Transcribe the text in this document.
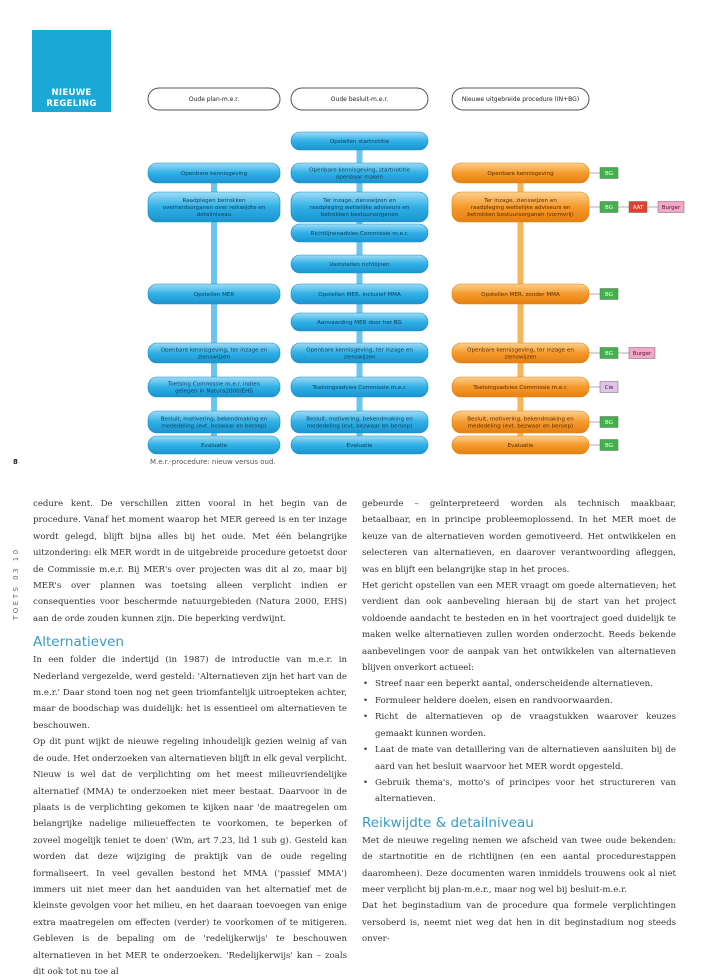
NIEUWE
REGELING	Oude plan-m.e.r.	Oude besluit-m.e.r.	Nieuwe uitgebreide procedure (IN+BG)
Openbare kennisgeving
Raadplegen betrokken
overheidsorganen over reikwijdte en
detailniveau
Opstellen MER
Openbare kennisgeving, ter inzage en
zienswijzen
Toetsing Commissie m.e.r. indien
gelegen in Natura2000/EHS
Besluit, motivering, bekendmaking en
mededeling (evt. bezwaar en beroep)
Evaluatie
Opstellen startnotitie
Openbare kennisgeving, startnotitie
openbaar maken
Ter inzage, zienswijzen en
raadpleging wettelijke adviseurs en
betrokken bestuursorganen
Richtlijnenadvies Commissie m.e.r.
Vaststellen richtlijnen
Opstellen MER, inclusief MMA
Aanvaarding MER door het BG
Openbare kennisgeving, ter inzage en
zienswijzen
Toetsingsadvies Commissie m.e.r.
Besluit, motivering, bekendmaking en
mededeling (evt. bezwaar en beroep)
Evaluatie
Openbare kennisgeving
Ter inzage, zienswijzen en
raadpleging wettelijke adviseurs en
betrokken bestuursorganen (vormvrij)
Opstellen MER, zonder MMA
Openbare kennisgeving, ter inzage en
zienswijzen
Toetsingsadvies Commissie m.e.r.
Besluit, motivering, bekendmaking en
mededeling (evt. bezwaar en beroep)
Evaluatie
BG
BG	AAT	Burger
BG
BG	Burger
Cie
BG
BG
8	M.e.r.-procedure: nieuw versus oud.
TOETS 03 10

cedure kent. De verschillen zitten vooral in het begin van de procedure. Vanaf het moment waarop het MER gereed is en ter inzage wordt gelegd, blijft bijna alles bij het oude. Met één belangrijke uitzondering: elk MER wordt in de uitgebreide procedure getoetst door de Commissie m.e.r. Bij MER's over projecten was dit al zo, maar bij MER's over plannen was toetsing alleen verplicht indien er consequenties voor beschermde natuurgebieden (Natura 2000, EHS) aan de orde zouden kunnen zijn. Die beperking verdwijnt.

Alternatieven

In een folder die indertijd (in 1987) de introductie van m.e.r. in Nederland vergezelde, werd gesteld: 'Alternatieven zijn het hart van de m.e.r.' Daar stond toen nog net geen triomfantelijk uitroepteken achter, maar de boodschap was duidelijk: het is essentieel om alternatieven te beschouwen.

Op dit punt wijkt de nieuwe regeling inhoudelijk gezien weinig af van de oude. Het onderzoeken van alternatieven blijft in elk geval verplicht. Nieuw is wel dat de verplichting om het meest milieuvriendelijke alternatief (MMA) te onderzoeken niet meer bestaat. Daarvoor in de plaats is de verplichting gekomen te kijken naar 'de maatregelen om belangrijke nadelige milieueffecten te voorkomen, te beperken of zoveel mogelijk teniet te doen' (Wm, art 7.23, lid 1 sub g). Gesteld kan worden dat deze wijziging de praktijk van de oude regeling formaliseert. In veel gevallen bestond het MMA ('passief MMA') immers uit niet meer dan het aanduiden van het alternatief met de kleinste gevolgen voor het milieu, en het daaraan toevoegen van enige extra maatregelen om effecten (verder) te voorkomen of te mitigeren. Gebleven is de bepaling om de 'redelijkerwijs' te beschouwen alternatieven in het MER te onderzoeken. 'Redelijkerwijs' kan – zoals dit ook tot nu toe al

gebeurde – geïnterpreteerd worden als technisch maakbaar, betaalbaar, en in principe probleemoplossend. In het MER moet de keuze van de alternatieven worden gemotiveerd. Het ontwikkelen en selecteren van alternatieven, en daarover verantwoording afleggen, was en blijft een belangrijke stap in het proces.

Het gericht opstellen van een MER vraagt om goede alternatieven; het verdient dan ook aanbeveling hieraan bij de start van het project voldoende aandacht te besteden en in het voortraject goed duidelijk te maken welke alternatieven zullen worden onderzocht. Reeds bekende aanbevelingen voor de aanpak van het ontwikkelen van alternatieven blijven onverkort actueel:

• Streef naar een beperkt aantal, onderscheidende alternatieven.
• Formuleer heldere doelen, eisen en randvoorwaarden.
• Richt de alternatieven op de vraagstukken waarover keuzes gemaakt kunnen worden.
• Laat de mate van detaillering van de alternatieven aansluiten bij de aard van het besluit waarvoor het MER wordt opgesteld.
• Gebruik thema's, motto's of principes voor het structureren van alternatieven.
Reikwijdte & detailniveau

Met de nieuwe regeling nemen we afscheid van twee oude bekenden: de startnotitie en de richtlijnen (en een aantal procedurestappen daaromheen). Deze documenten waren inmiddels trouwens ook al niet meer verplicht bij plan-m.e.r., maar nog wel bij besluit-m.e.r.

Dat het beginstadium van de procedure qua formele verplichtingen versoberd is, neemt niet weg dat hen in dit beginstadium nog steeds onver-
